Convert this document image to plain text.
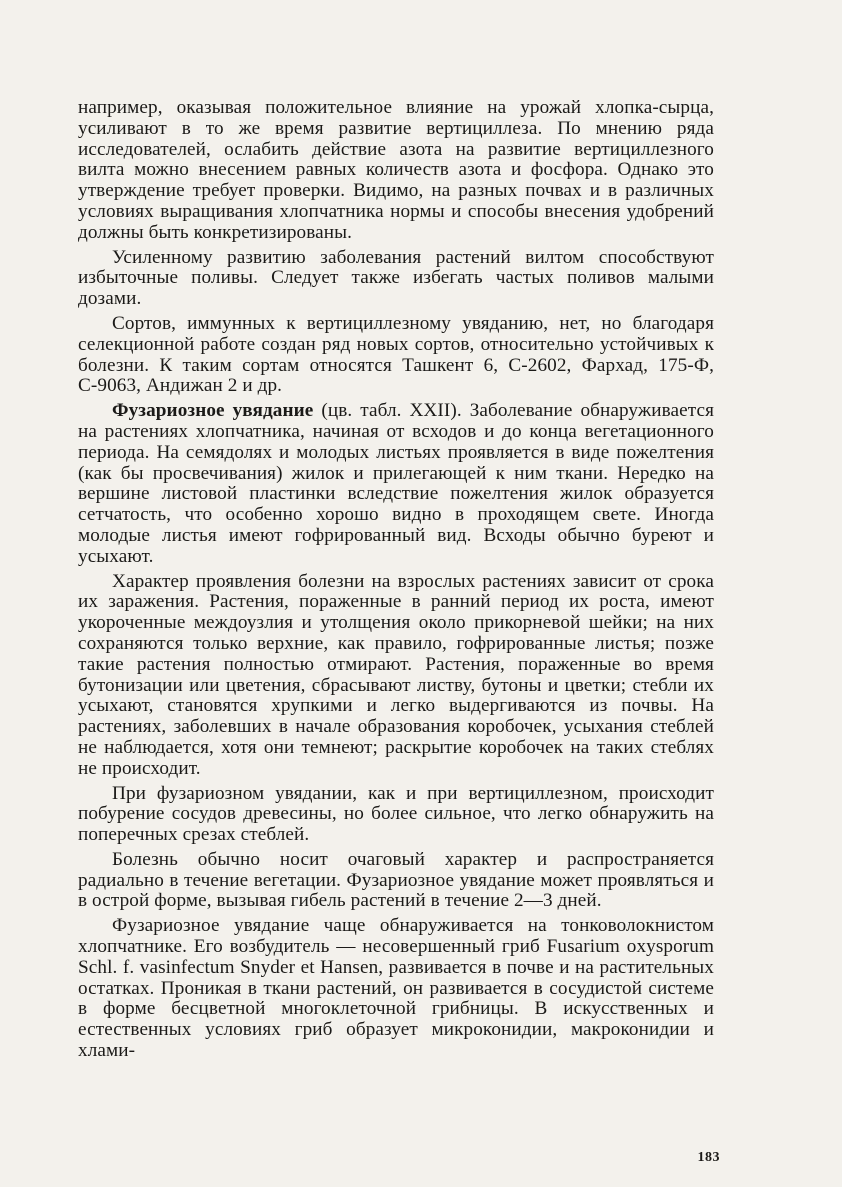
например, оказывая положительное влияние на урожай хлопка-сырца, усиливают в то же время развитие вертициллеза. По мнению ряда исследователей, ослабить действие азота на развитие вертициллезного вилта можно внесением равных количеств азота и фосфора. Однако это утверждение требует проверки. Видимо, на разных почвах и в различных условиях выращивания хлопчатника нормы и способы внесения удобрений должны быть конкретизированы.

Усиленному развитию заболевания растений вилтом способствуют избыточные поливы. Следует также избегать частых поливов малыми дозами.

Сортов, иммунных к вертициллезному увяданию, нет, но благодаря селекционной работе создан ряд новых сортов, относительно устойчивых к болезни. К таким сортам относятся Ташкент 6, С-2602, Фархад, 175-Ф, С-9063, Андижан 2 и др.

Фузариозное увядание (цв. табл. XXII). Заболевание обнаруживается на растениях хлопчатника, начиная от всходов и до конца вегетационного периода. На семядолях и молодых листьях проявляется в виде пожелтения (как бы просвечивания) жилок и прилегающей к ним ткани. Нередко на вершине листовой пластинки вследствие пожелтения жилок образуется сетчатость, что особенно хорошо видно в проходящем свете. Иногда молодые листья имеют гофрированный вид. Всходы обычно буреют и усыхают.

Характер проявления болезни на взрослых растениях зависит от срока их заражения. Растения, пораженные в ранний период их роста, имеют укороченные междоузлия и утолщения около прикорневой шейки; на них сохраняются только верхние, как правило, гофрированные листья; позже такие растения полностью отмирают. Растения, пораженные во время бутонизации или цветения, сбрасывают листву, бутоны и цветки; стебли их усыхают, становятся хрупкими и легко выдергиваются из почвы. На растениях, заболевших в начале образования коробочек, усыхания стеблей не наблюдается, хотя они темнеют; раскрытие коробочек на таких стеблях не происходит.

При фузариозном увядании, как и при вертициллезном, происходит побурение сосудов древесины, но более сильное, что легко обнаружить на поперечных срезах стеблей.

Болезнь обычно носит очаговый характер и распространяется радиально в течение вегетации. Фузариозное увядание может проявляться и в острой форме, вызывая гибель растений в течение 2—3 дней.

Фузариозное увядание чаще обнаруживается на тонковолокнистом хлопчатнике. Его возбудитель — несовершенный гриб Fusarium oxysporum Schl. f. vasinfectum Snyder et Hansen, развивается в почве и на растительных остатках. Проникая в ткани растений, он развивается в сосудистой системе в форме бесцветной многоклеточной грибницы. В искусственных и естественных условиях гриб образует микроконидии, макроконидии и хлами-

183
